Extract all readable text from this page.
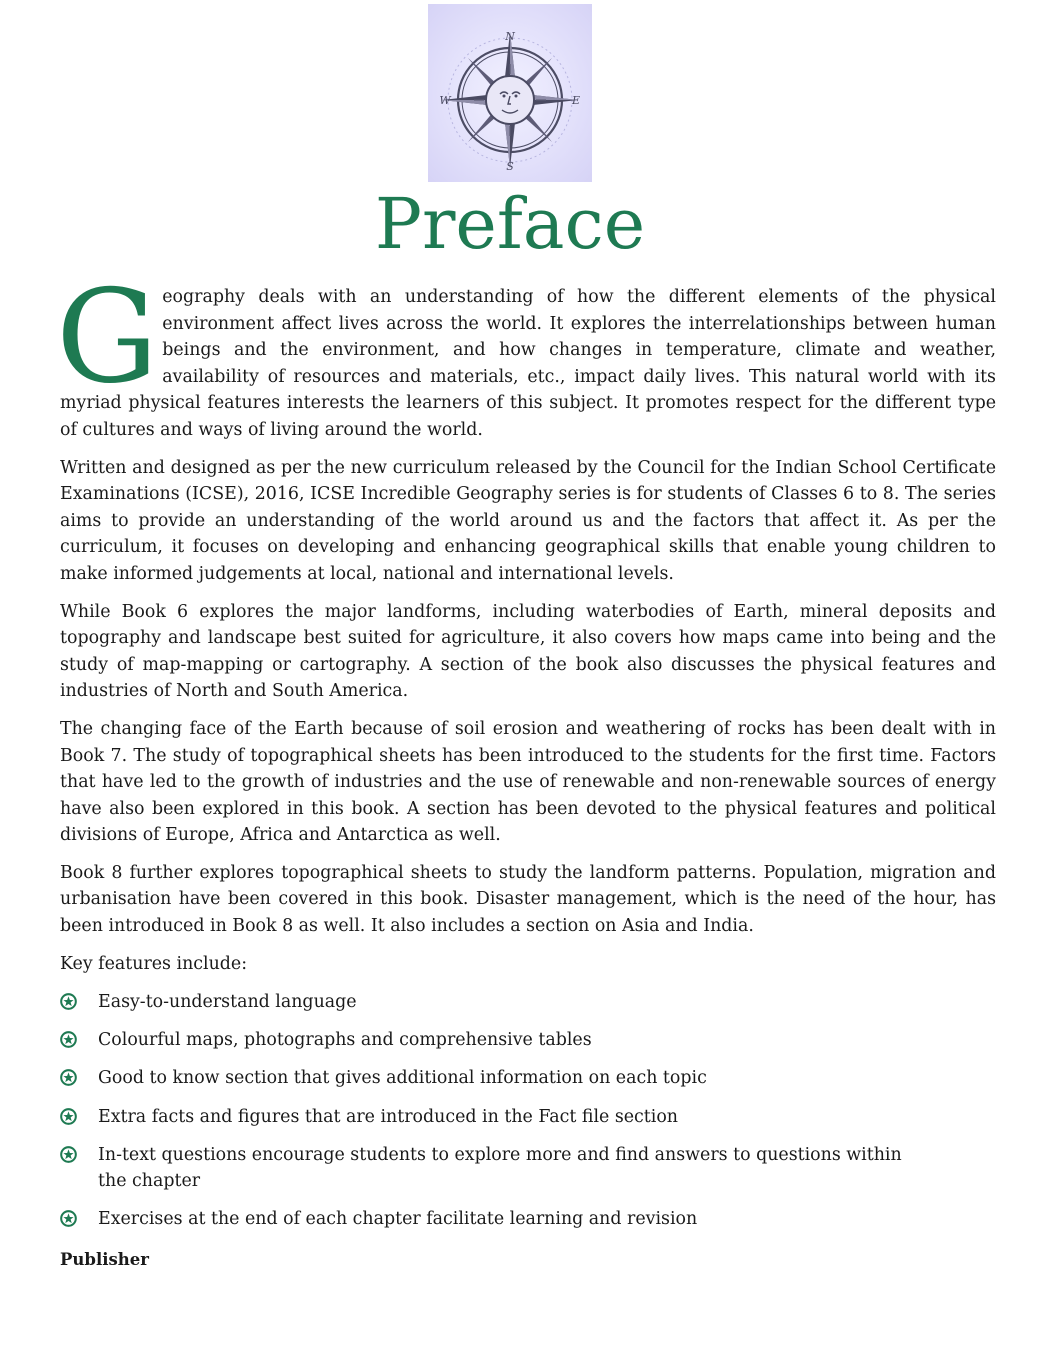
N
S
W	E
Preface

Geography deals with an understanding of how the different elements of the physical environment affect lives across the world. It explores the interrelationships between human beings and the environment, and how changes in temperature, climate and weather, availability of resources and materials, etc., impact daily lives. This natural world with its myriad physical features interests the learners of this subject. It promotes respect for the different type of cultures and ways of living around the world.

Written and designed as per the new curriculum released by the Council for the Indian School Certificate Examinations (ICSE), 2016, ICSE Incredible Geography series is for students of Classes 6 to 8. The series aims to provide an understanding of the world around us and the factors that affect it. As per the curriculum, it focuses on developing and enhancing geographical skills that enable young children to make informed judgements at local, national and international levels.

While Book 6 explores the major landforms, including waterbodies of Earth, mineral deposits and topography and landscape best suited for agriculture, it also covers how maps came into being and the study of map-mapping or cartography. A section of the book also discusses the physical features and industries of North and South America.

The changing face of the Earth because of soil erosion and weathering of rocks has been dealt with in Book 7. The study of topographical sheets has been introduced to the students for the first time. Factors that have led to the growth of industries and the use of renewable and non-renewable sources of energy have also been explored in this book. A section has been devoted to the physical features and political divisions of Europe, Africa and Antarctica as well.

Book 8 further explores topographical sheets to study the landform patterns. Population, migration and urbanisation have been covered in this book. Disaster management, which is the need of the hour, has been introduced in Book 8 as well. It also includes a section on Asia and India.

Key features include:

Easy-to-understand language
Colourful maps, photographs and comprehensive tables
Good to know section that gives additional information on each topic
Extra facts and figures that are introduced in the Fact file section
In-text questions encourage students to explore more and find answers to questions within the chapter
Exercises at the end of each chapter facilitate learning and revision
Publisher
